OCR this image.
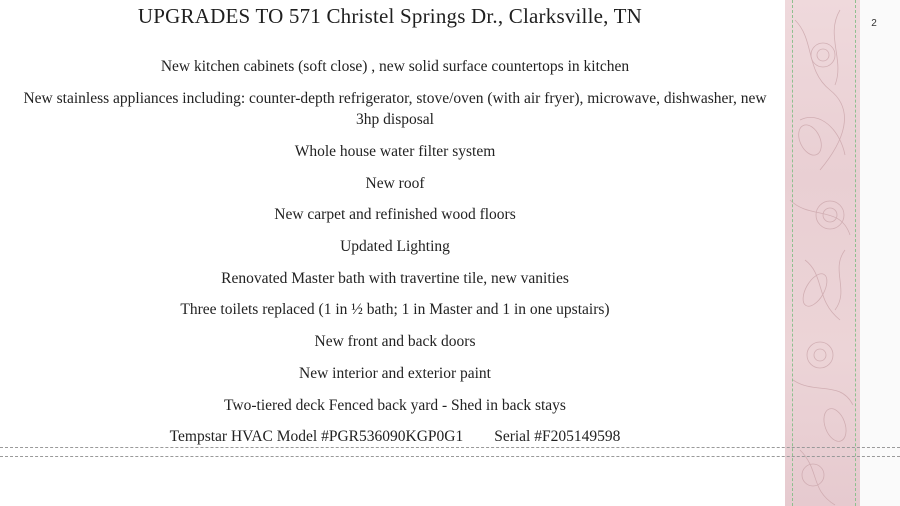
UPGRADES TO 571 Christel Springs Dr., Clarksville, TN	2
New kitchen cabinets (soft close) , new solid surface countertops in kitchen
New stainless appliances including: counter-depth refrigerator, stove/oven (with air fryer), microwave, dishwasher, new 3hp disposal
Whole house water filter system
New roof
New carpet and refinished wood floors
Updated Lighting
Renovated Master bath with travertine tile, new vanities
Three toilets replaced (1 in ½ bath; 1 in Master and 1 in one upstairs)
New front and back doors
New interior and exterior paint
Two-tiered deck Fenced back yard - Shed in back stays
Tempstar HVAC Model #PGR536090KGP0G1        Serial #F205149598
